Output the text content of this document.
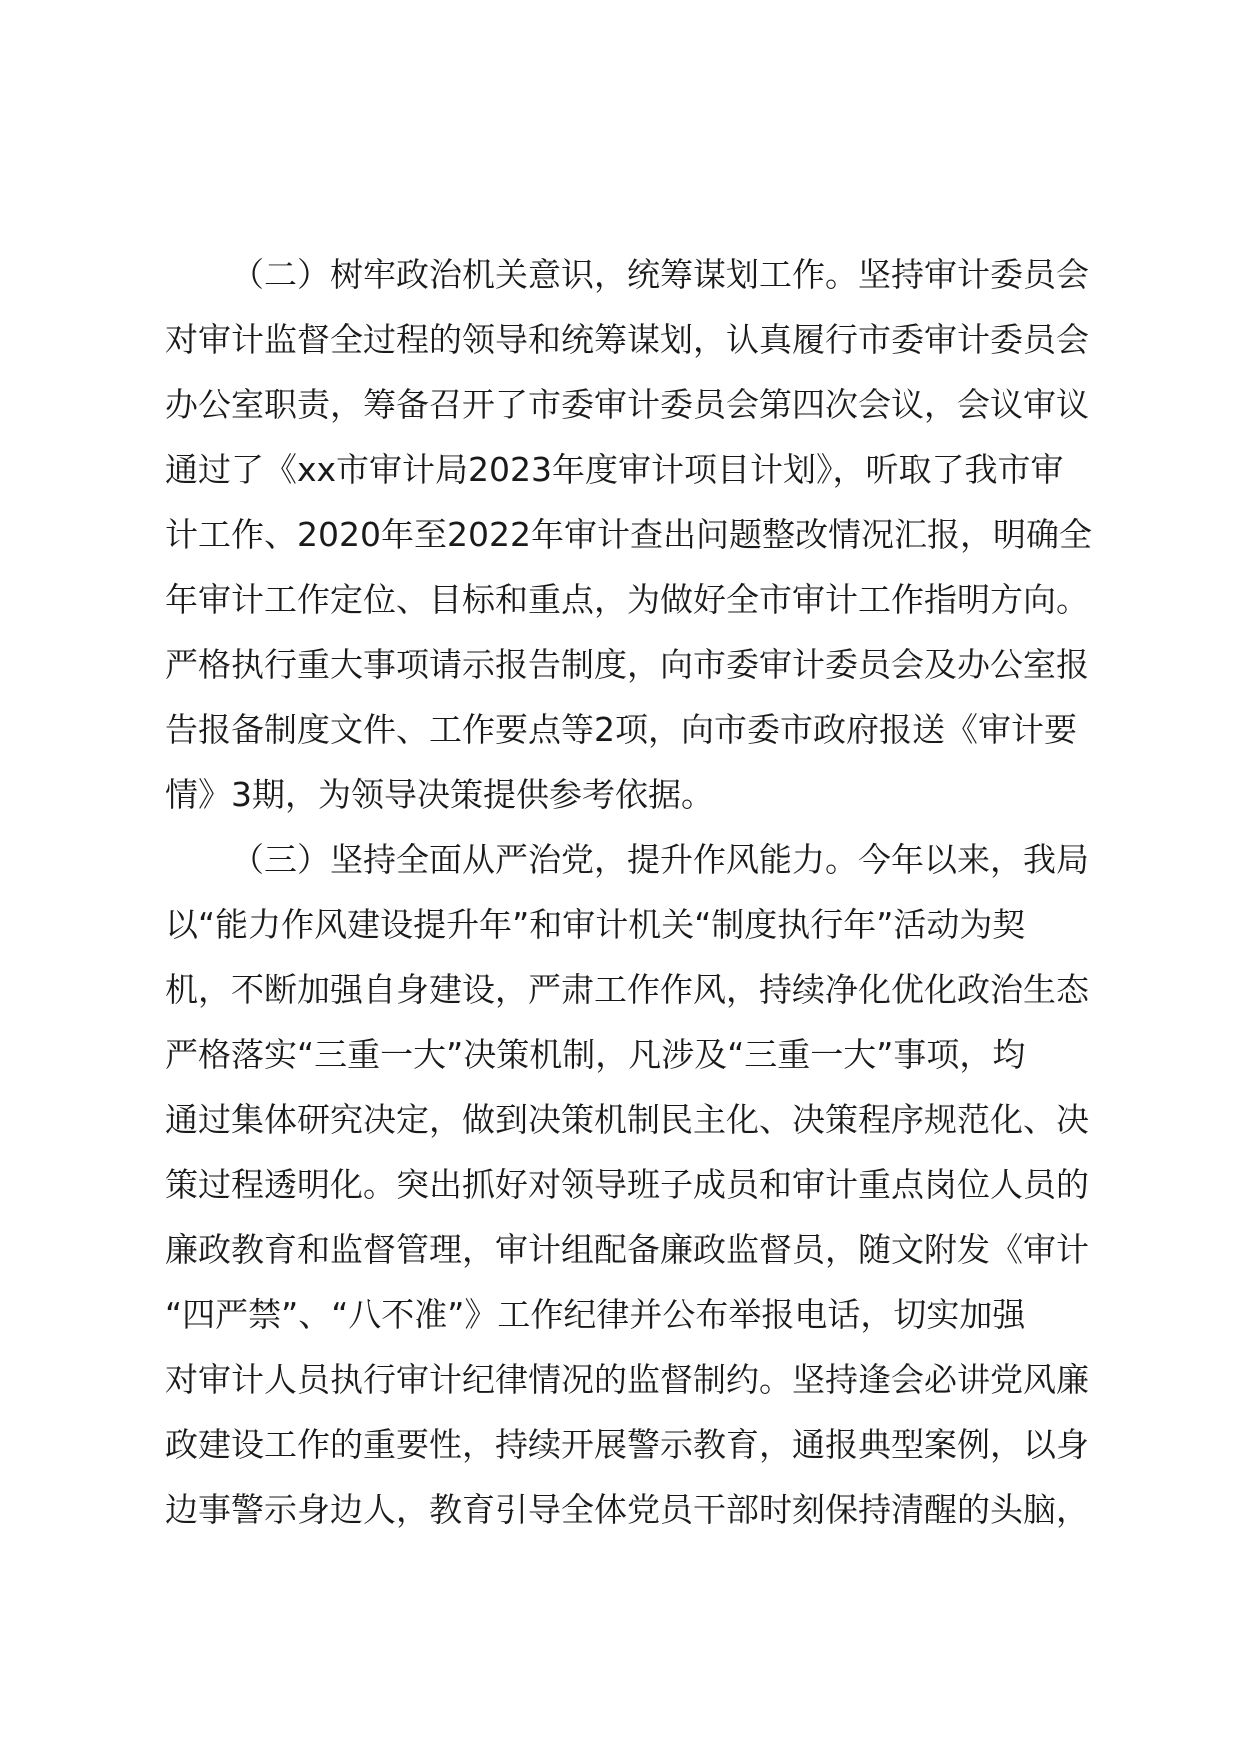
（二）树牢政治机关意识，统筹谋划工作。坚持审计委员会
对审计监督全过程的领导和统筹谋划，认真履行市委审计委员会
办公室职责，筹备召开了市委审计委员会第四次会议，会议审议
通过了《xx市审计局2023年度审计项目计划》，听取了我市审
计工作、2020年至2022年审计查出问题整改情况汇报，明确全
年审计工作定位、目标和重点，为做好全市审计工作指明方向。
严格执行重大事项请示报告制度，向市委审计委员会及办公室报
告报备制度文件、工作要点等2项，向市委市政府报送《审计要
情》3期，为领导决策提供参考依据。
（三）坚持全面从严治党，提升作风能力。今年以来，我局
以“能力作风建设提升年”和审计机关“制度执行年”活动为契
机，不断加强自身建设，严肃工作作风，持续净化优化政治生态
严格落实“三重一大”决策机制，凡涉及“三重一大”事项，均
通过集体研究决定，做到决策机制民主化、决策程序规范化、决
策过程透明化。突出抓好对领导班子成员和审计重点岗位人员的
廉政教育和监督管理，审计组配备廉政监督员，随文附发《审计
“四严禁”、“八不准”》工作纪律并公布举报电话，切实加强
对审计人员执行审计纪律情况的监督制约。坚持逢会必讲党风廉
政建设工作的重要性，持续开展警示教育，通报典型案例，以身
边事警示身边人，教育引导全体党员干部时刻保持清醒的头脑，
